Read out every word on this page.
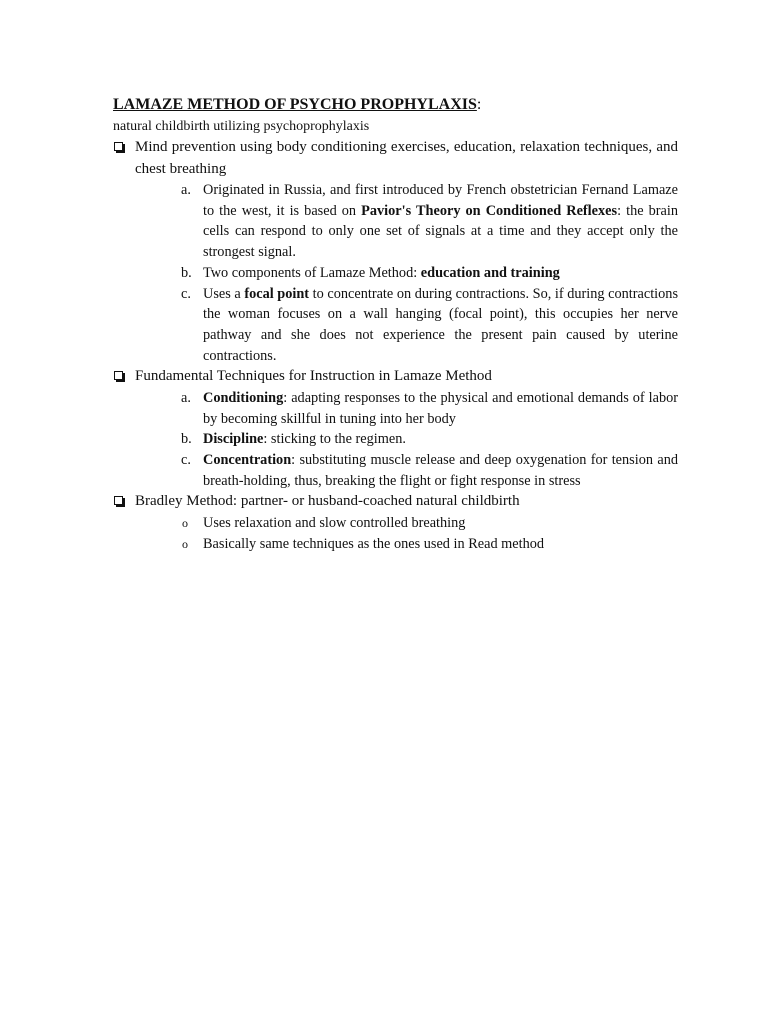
LAMAZE METHOD OF PSYCHO PROPHYLAXIS:
natural childbirth utilizing psychoprophylaxis
Mind prevention using body conditioning exercises, education, relaxation techniques, and chest breathing
a. Originated in Russia, and first introduced by French obstetrician Fernand Lamaze to the west, it is based on Pavior's Theory on Conditioned Reflexes: the brain cells can respond to only one set of signals at a time and they accept only the strongest signal.
b. Two components of Lamaze Method: education and training
c. Uses a focal point to concentrate on during contractions. So, if during contractions the woman focuses on a wall hanging (focal point), this occupies her nerve pathway and she does not experience the present pain caused by uterine contractions.
Fundamental Techniques for Instruction in Lamaze Method
a. Conditioning: adapting responses to the physical and emotional demands of labor by becoming skillful in tuning into her body
b. Discipline: sticking to the regimen.
c. Concentration: substituting muscle release and deep oxygenation for tension and breath-holding, thus, breaking the flight or fight response in stress
Bradley Method: partner- or husband-coached natural childbirth
o Uses relaxation and slow controlled breathing
o Basically same techniques as the ones used in Read method
